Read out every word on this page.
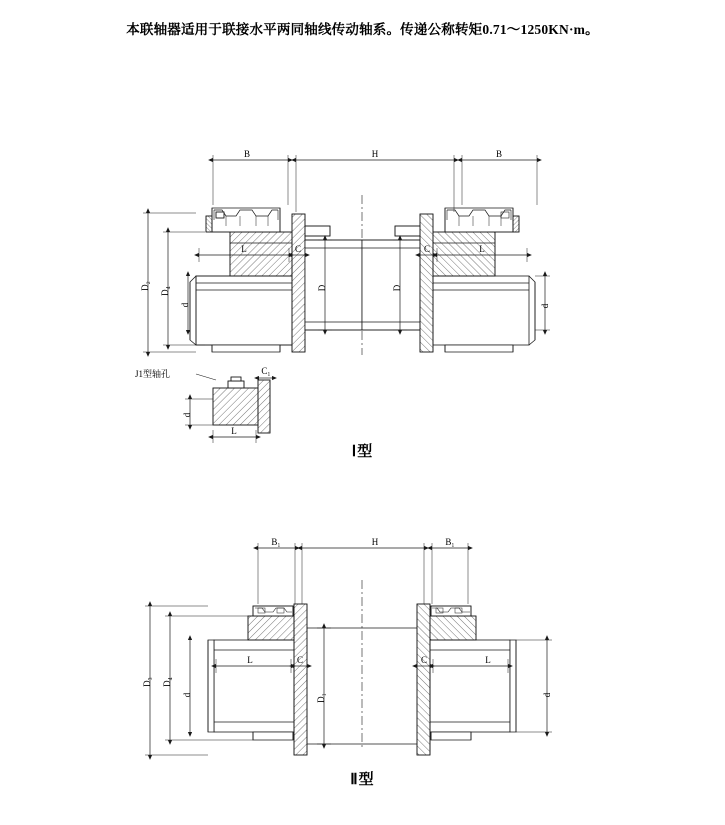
本联轴器适用于联接水平两同轴线传动轴系。传递公称转矩0.71～1250KN·m。
B	H	B
D₂
D₄
d
D	D
d
L	C	L
C
J1型轴孔	C₁
d
L
Ⅰ型
B₁	H	B₁
D₃ D₄
d	D₁	d
L	C	L
C
Ⅱ型
